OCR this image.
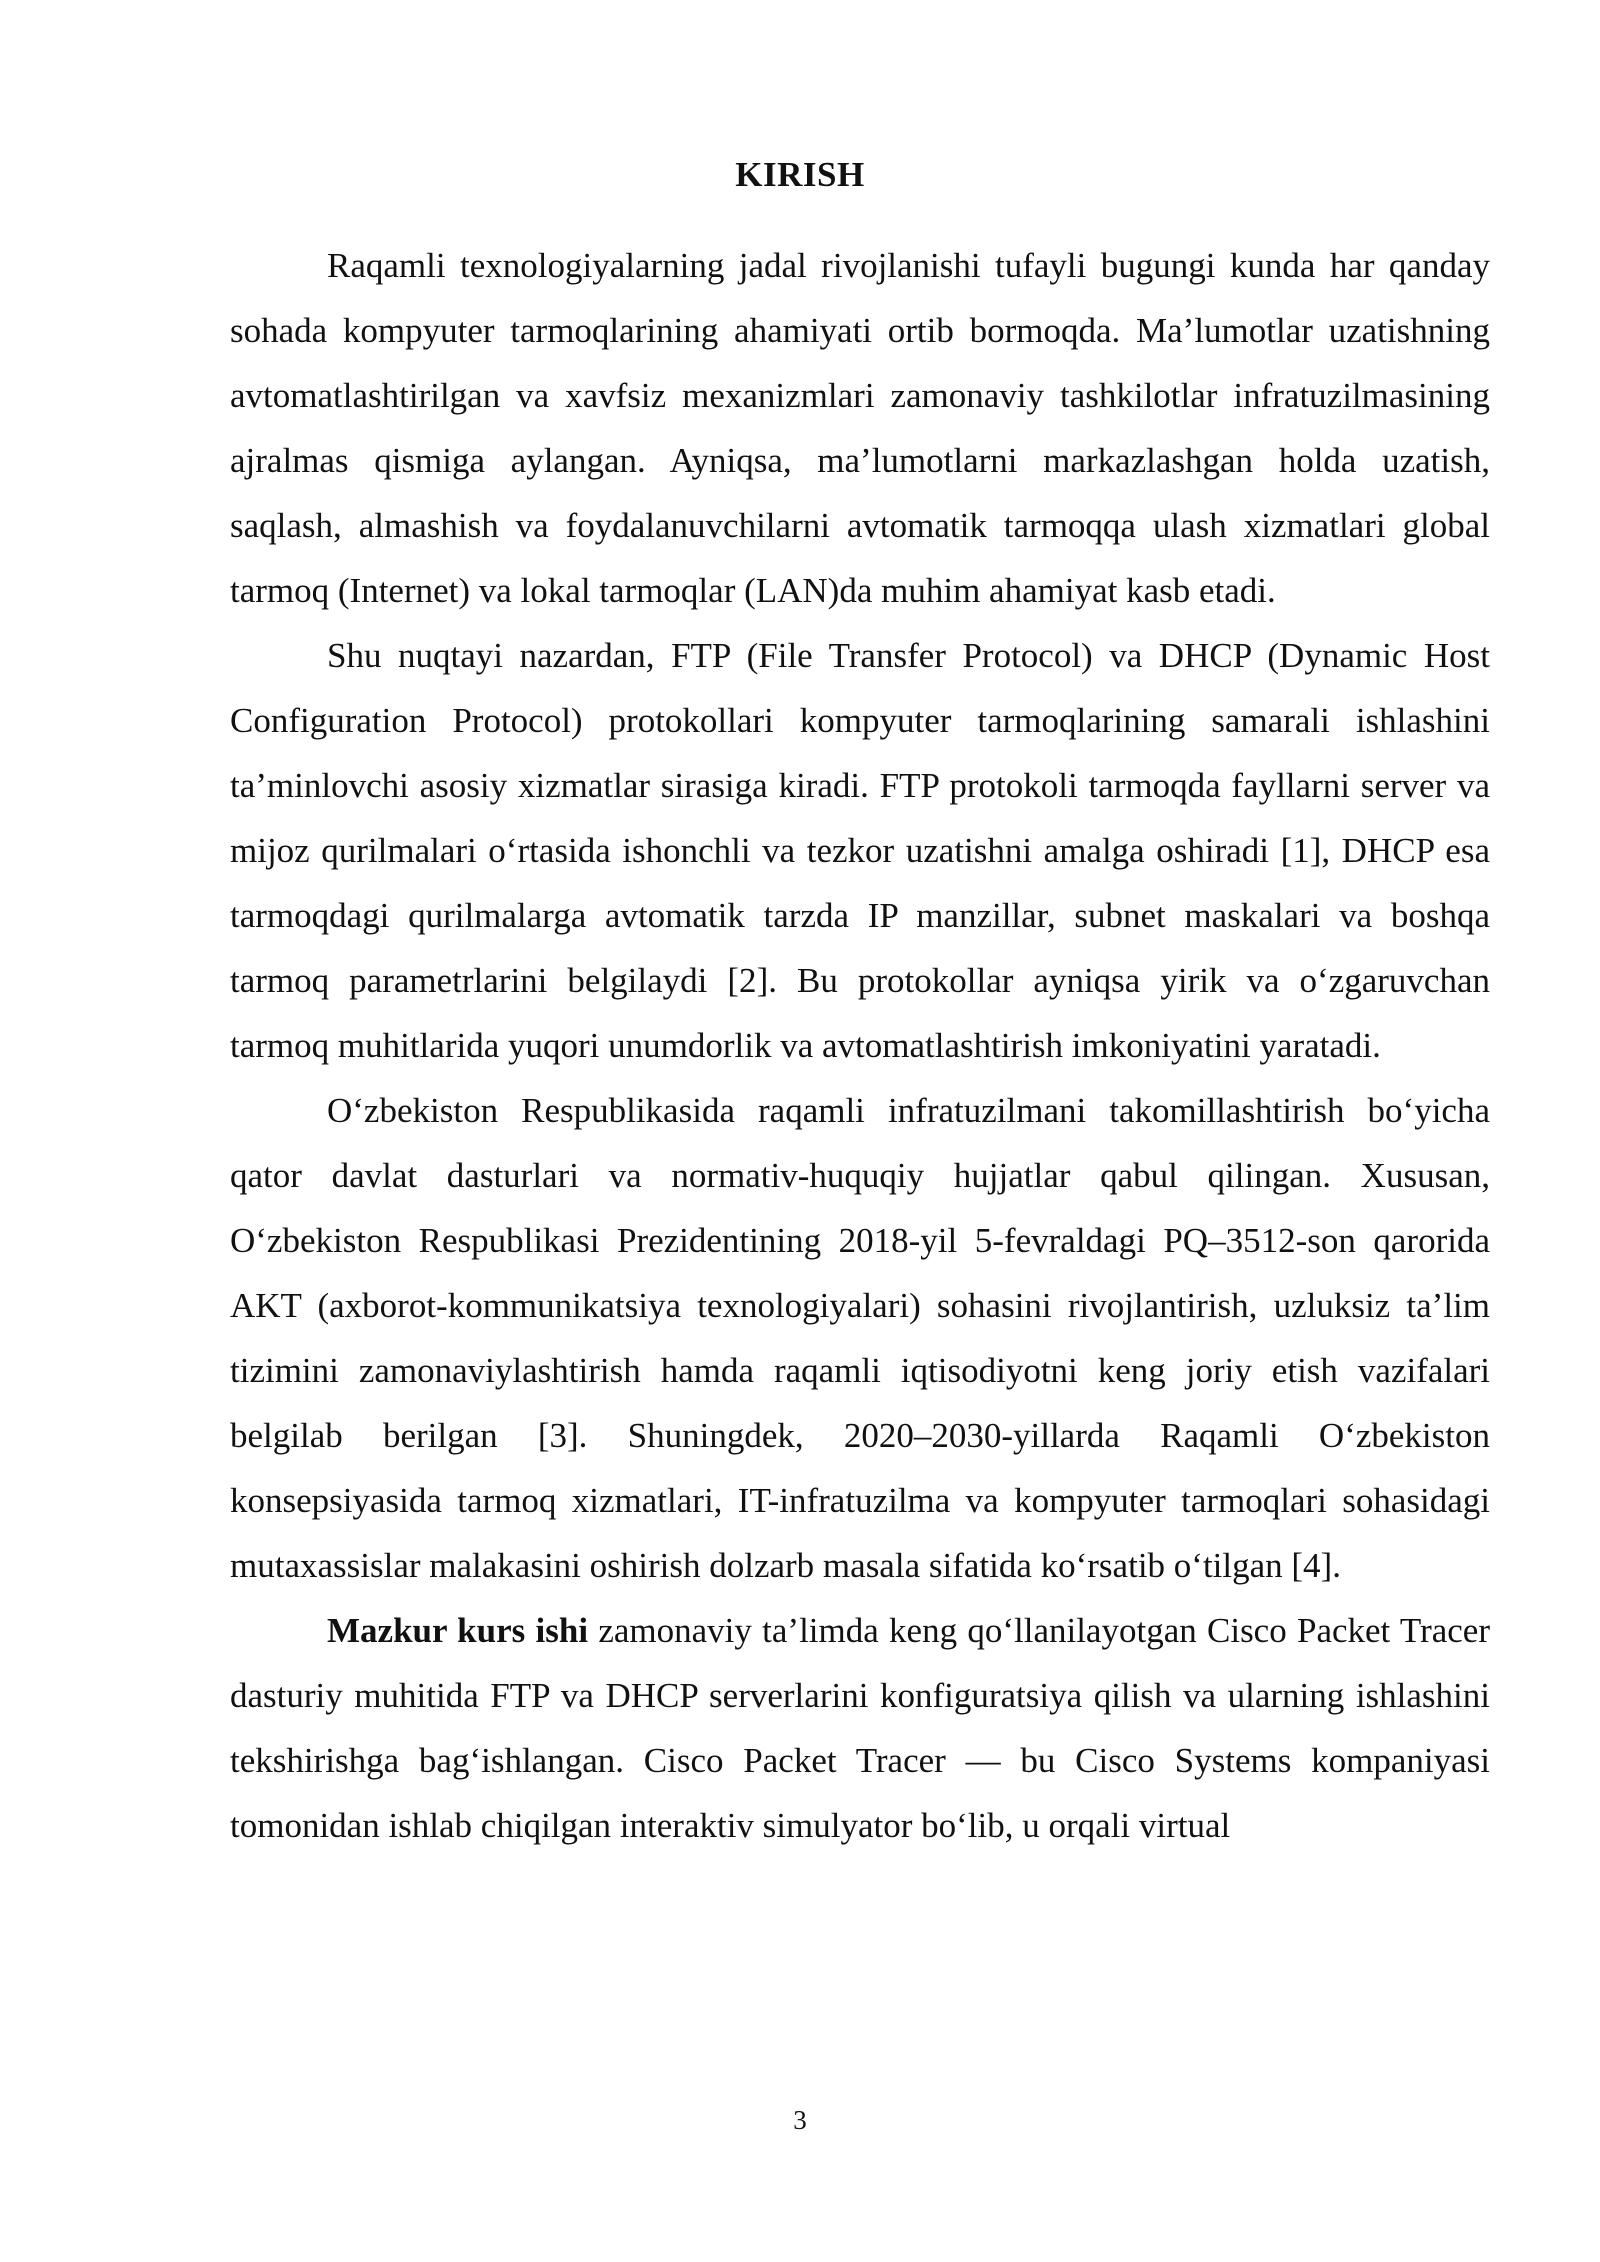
KIRISH

Raqamli texnologiyalarning jadal rivojlanishi tufayli bugungi kunda har qanday sohada kompyuter tarmoqlarining ahamiyati ortib bormoqda. Ma’lumotlar uzatishning avtomatlashtirilgan va xavfsiz mexanizmlari zamonaviy tashkilotlar infratuzilmasining ajralmas qismiga aylangan. Ayniqsa, ma’lumotlarni markazlashgan holda uzatish, saqlash, almashish va foydalanuvchilarni avtomatik tarmoqqa ulash xizmatlari global tarmoq (Internet) va lokal tarmoqlar (LAN)da muhim ahamiyat kasb etadi.

Shu nuqtayi nazardan, FTP (File Transfer Protocol) va DHCP (Dynamic Host Configuration Protocol) protokollari kompyuter tarmoqlarining samarali ishlashini ta’minlovchi asosiy xizmatlar sirasiga kiradi. FTP protokoli tarmoqda fayllarni server va mijoz qurilmalari o‘rtasida ishonchli va tezkor uzatishni amalga oshiradi [1], DHCP esa tarmoqdagi qurilmalarga avtomatik tarzda IP manzillar, subnet maskalari va boshqa tarmoq parametrlarini belgilaydi [2]. Bu protokollar ayniqsa yirik va o‘zgaruvchan tarmoq muhitlarida yuqori unumdorlik va avtomatlashtirish imkoniyatini yaratadi.

O‘zbekiston Respublikasida raqamli infratuzilmani takomillashtirish bo‘yicha qator davlat dasturlari va normativ-huquqiy hujjatlar qabul qilingan. Xususan, O‘zbekiston Respublikasi Prezidentining 2018-yil 5-fevraldagi PQ–3512-son qarorida AKT (axborot-kommunikatsiya texnologiyalari) sohasini rivojlantirish, uzluksiz ta’lim tizimini zamonaviylashtirish hamda raqamli iqtisodiyotni keng joriy etish vazifalari belgilab berilgan [3]. Shuningdek, 2020–2030-yillarda Raqamli O‘zbekiston konsepsiyasida tarmoq xizmatlari, IT-infratuzilma va kompyuter tarmoqlari sohasidagi mutaxassislar malakasini oshirish dolzarb masala sifatida ko‘rsatib o‘tilgan [4].

Mazkur kurs ishi zamonaviy ta’limda keng qo‘llanilayotgan Cisco Packet Tracer dasturiy muhitida FTP va DHCP serverlarini konfiguratsiya qilish va ularning ishlashini tekshirishga bag‘ishlangan. Cisco Packet Tracer — bu Cisco Systems kompaniyasi tomonidan ishlab chiqilgan interaktiv simulyator bo‘lib, u orqali virtual

3
